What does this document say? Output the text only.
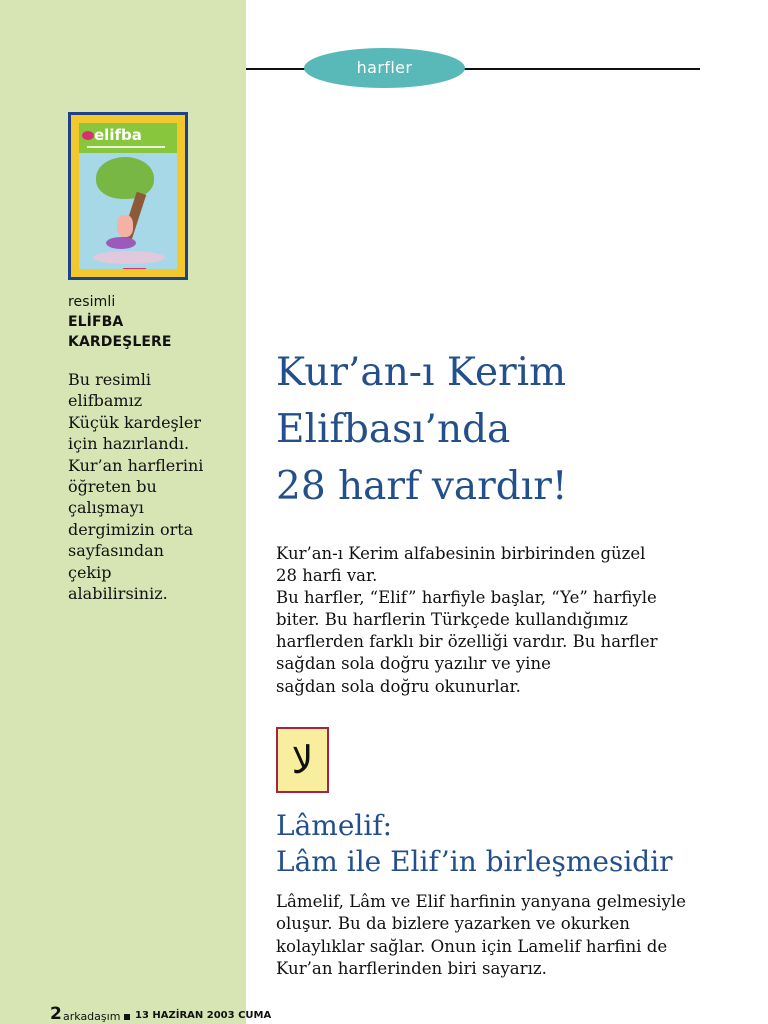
elifba
resimli
ELİFBA
KARDEŞLERE
Bu resimli
elifbamız
Küçük kardeşler
için hazırlandı.
Kur’an harflerini
öğreten bu
çalışmayı
dergimizin orta
sayfasından
çekip
alabilirsiniz.
harfler
Kur’an-ı Kerim
Elifbası’nda
28 harf vardır!
Kur’an-ı Kerim alfabesinin birbirinden güzel
28 harfi var.
Bu harfler, “Elif” harfiyle başlar, “Ye” harfiyle
biter. Bu harflerin Türkçede kullandığımız
harflerden farklı bir özelliği vardır. Bu harfler
sağdan sola doğru yazılır ve yine
sağdan sola doğru okunurlar.
لا
Lâmelif:
Lâm ile Elif’in birleşmesidir
Lâmelif, Lâm ve Elif harfinin yanyana gelmesiyle
oluşur. Bu da bizlere yazarken ve okurken
kolaylıklar sağlar. Onun için Lamelif harfini de
Kur’an harflerinden biri sayarız.
2 arkadaşım 13 HAZİRAN 2003 CUMA
